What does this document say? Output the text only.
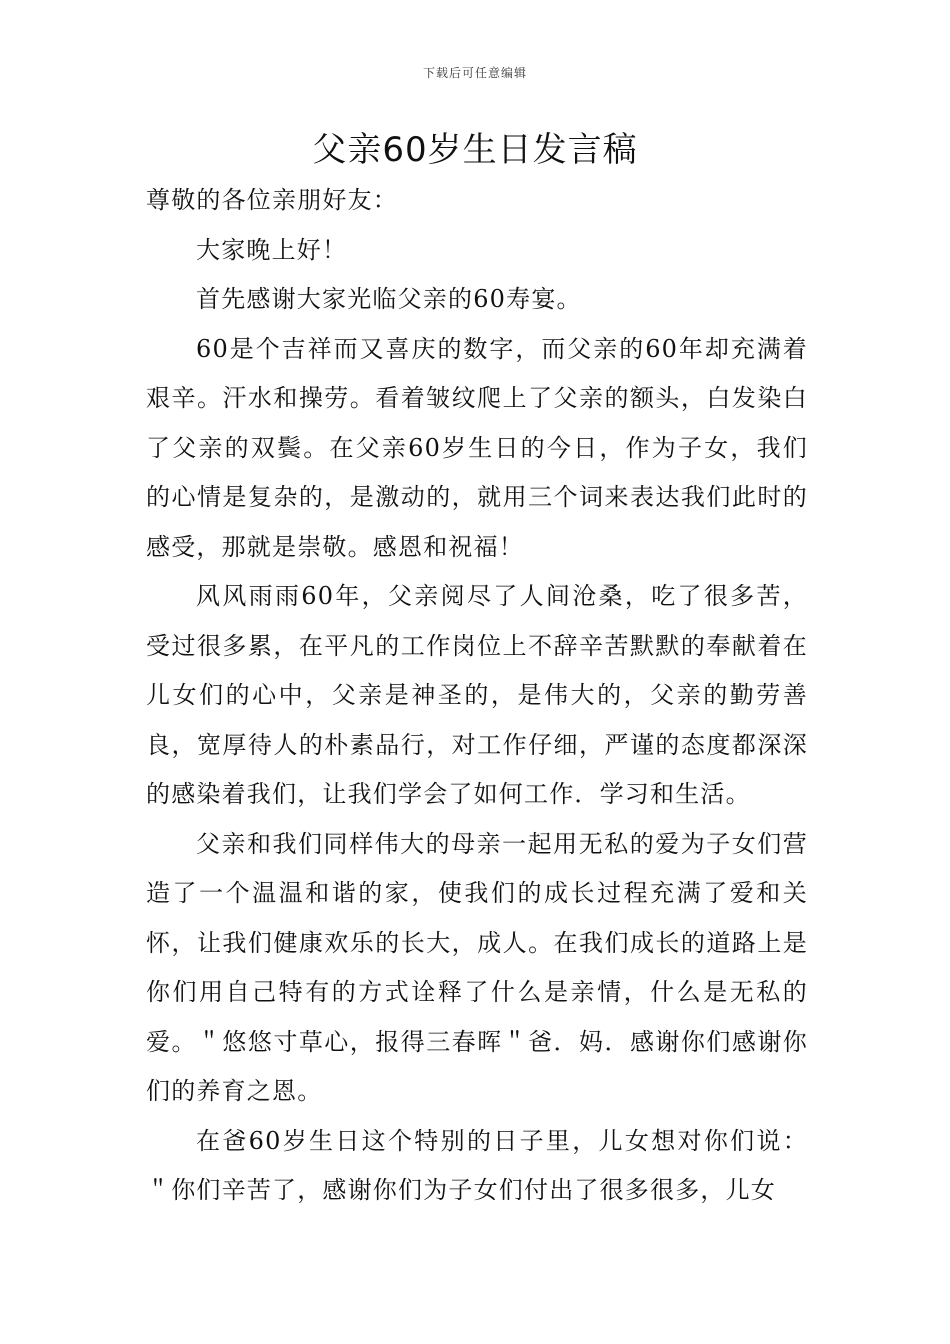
下载后可任意编辑
父亲60岁生日发言稿

尊敬的各位亲朋好友：

大家晚上好！

首先感谢大家光临父亲的60寿宴。

60是个吉祥而又喜庆的数字，而父亲的60年却充满着艰辛。汗水和操劳。看着皱纹爬上了父亲的额头，白发染白了父亲的双鬓。在父亲60岁生日的今日，作为子女，我们的心情是复杂的，是激动的，就用三个词来表达我们此时的感受，那就是崇敬。感恩和祝福！

风风雨雨60年，父亲阅尽了人间沧桑，吃了很多苦，受过很多累，在平凡的工作岗位上不辞辛苦默默的奉献着在儿女们的心中，父亲是神圣的，是伟大的，父亲的勤劳善良，宽厚待人的朴素品行，对工作仔细，严谨的态度都深深的感染着我们，让我们学会了如何工作．学习和生活。

父亲和我们同样伟大的母亲一起用无私的爱为子女们营造了一个温温和谐的家，使我们的成长过程充满了爱和关怀，让我们健康欢乐的长大，成人。在我们成长的道路上是你们用自己特有的方式诠释了什么是亲情，什么是无私的爱。＂悠悠寸草心，报得三春晖＂爸．妈．感谢你们感谢你们的养育之恩。

在爸60岁生日这个特别的日子里，儿女想对你们说：＂你们辛苦了，感谢你们为子女们付出了很多很多，儿女
